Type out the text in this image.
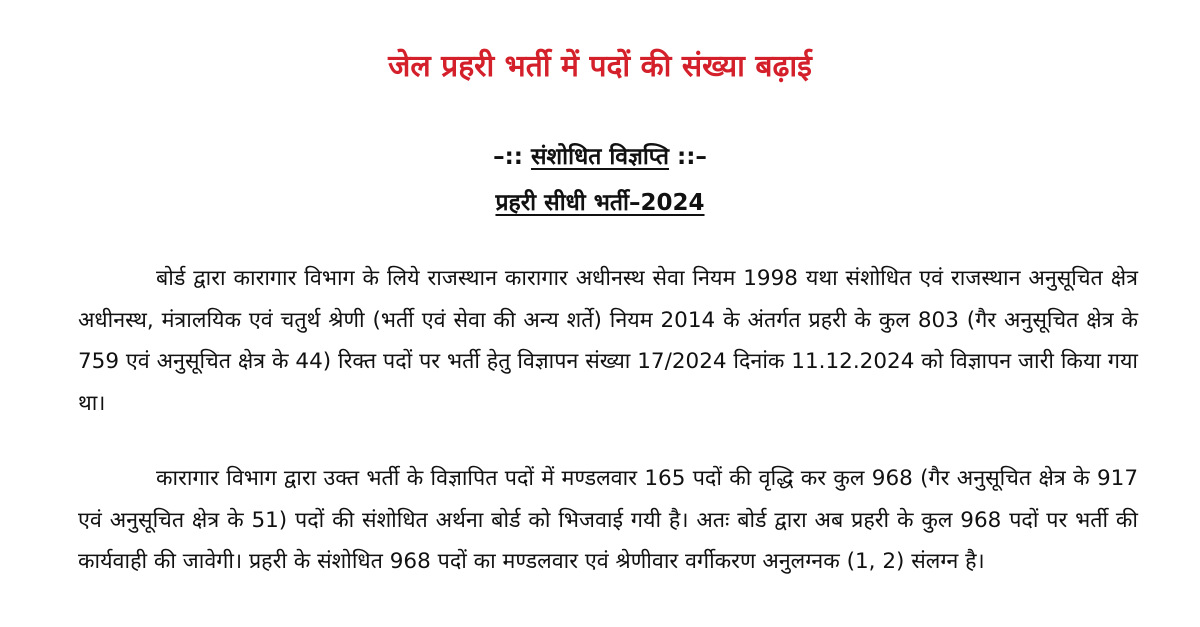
जेल प्रहरी भर्ती में पदों की संख्या बढ़ाई
–:: संशोधित विज्ञप्ति ::–
प्रहरी सीधी भर्ती–2024

बोर्ड द्वारा कारागार विभाग के लिये राजस्थान कारागार अधीनस्थ सेवा नियम 1998 यथा संशोधित एवं राजस्थान अनुसूचित क्षेत्र अधीनस्थ, मंत्रालयिक एवं चतुर्थ श्रेणी (भर्ती एवं सेवा की अन्य शर्ते) नियम 2014 के अंतर्गत प्रहरी के कुल 803 (गैर अनुसूचित क्षेत्र के 759 एवं अनुसूचित क्षेत्र के 44) रिक्त पदों पर भर्ती हेतु विज्ञापन संख्या 17/2024 दिनांक 11.12.2024 को विज्ञापन जारी किया गया था।

कारागार विभाग द्वारा उक्त भर्ती के विज्ञापित पदों में मण्डलवार 165 पदों की वृद्धि कर कुल 968 (गैर अनुसूचित क्षेत्र के 917 एवं अनुसूचित क्षेत्र के 51) पदों की संशोधित अर्थना बोर्ड को भिजवाई गयी है। अतः बोर्ड द्वारा अब प्रहरी के कुल 968 पदों पर भर्ती की कार्यवाही की जावेगी। प्रहरी के संशोधित 968 पदों का मण्डलवार एवं श्रेणीवार वर्गीकरण अनुलग्नक (1, 2) संलग्न है।
